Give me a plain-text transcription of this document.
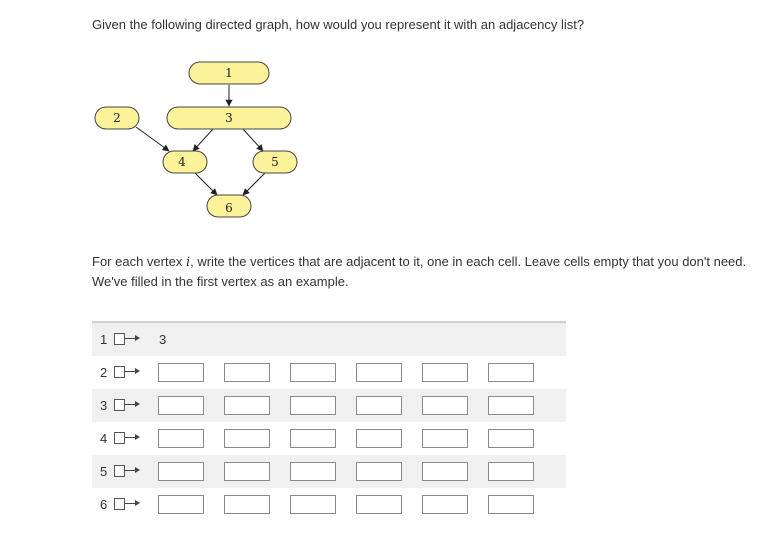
Given the following directed graph, how would you represent it with an adjacency list?
1
2	3
4	5
6
For each vertex i, write the vertices that are adjacent to it, one in each cell. Leave cells empty that you don't need. We've filled in the first vertex as an example.
1	3
2
3
4
5
6
